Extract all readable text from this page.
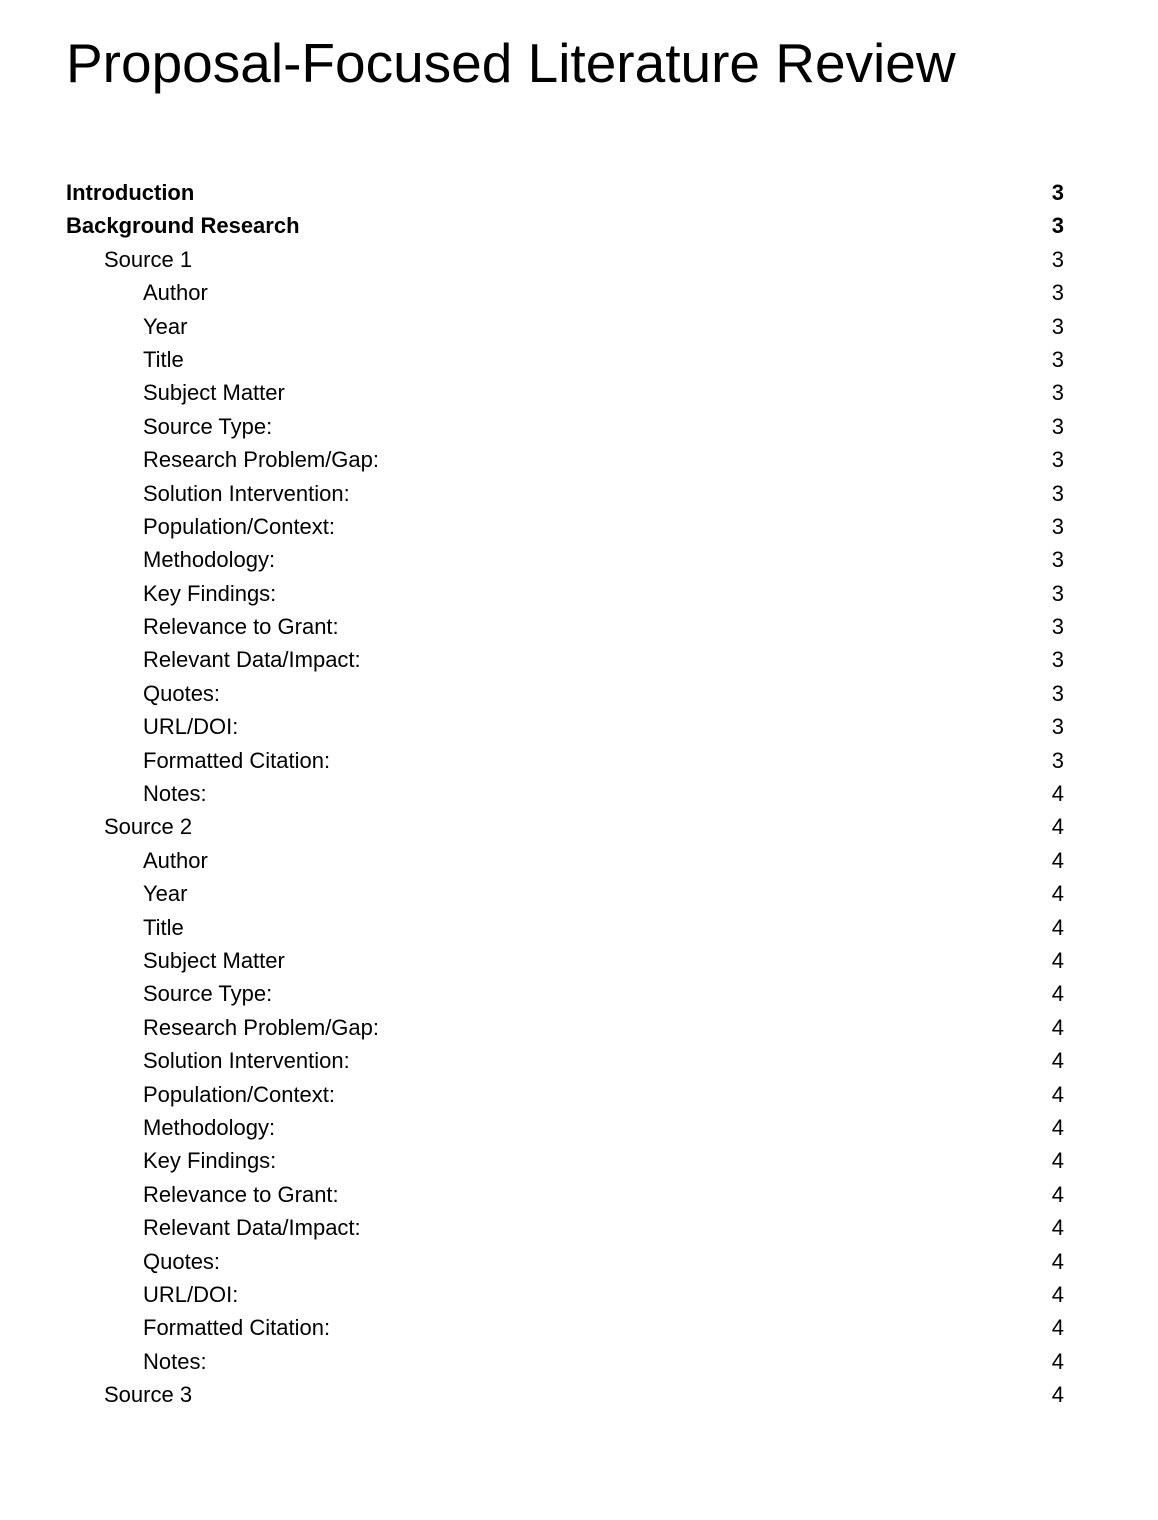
Proposal-Focused Literature Review
Introduction	3
Background Research	3
Source 1	3
Author	3
Year	3
Title	3
Subject Matter	3
Source Type:	3
Research Problem/Gap:	3
Solution Intervention:	3
Population/Context:	3
Methodology:	3
Key Findings:	3
Relevance to Grant:	3
Relevant Data/Impact:	3
Quotes:	3
URL/DOI:	3
Formatted Citation:	3
Notes:	4
Source 2	4
Author	4
Year	4
Title	4
Subject Matter	4
Source Type:	4
Research Problem/Gap:	4
Solution Intervention:	4
Population/Context:	4
Methodology:	4
Key Findings:	4
Relevance to Grant:	4
Relevant Data/Impact:	4
Quotes:	4
URL/DOI:	4
Formatted Citation:	4
Notes:	4
Source 3	4
